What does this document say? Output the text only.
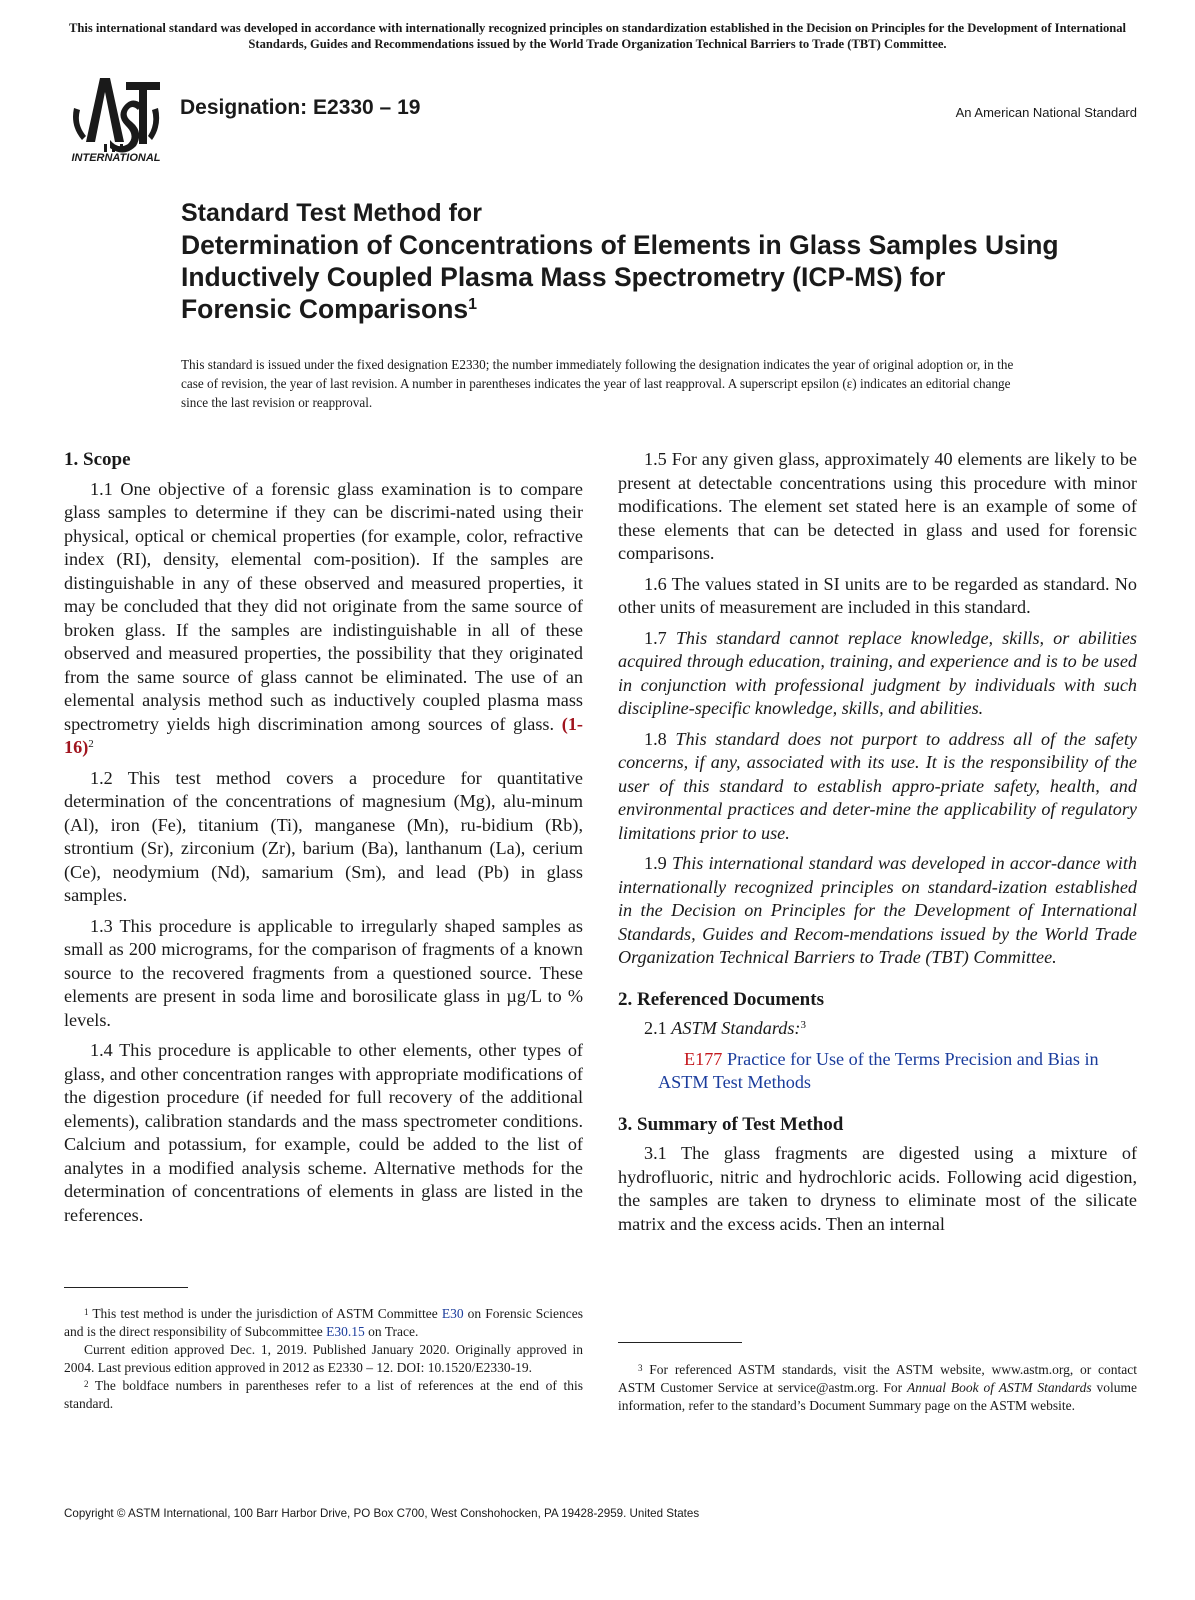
This international standard was developed in accordance with internationally recognized principles on standardization established in the Decision on Principles for the Development of International Standards, Guides and Recommendations issued by the World Trade Organization Technical Barriers to Trade (TBT) Committee.
INTERNATIONAL
Designation: E2330 – 19	An American National Standard
Standard Test Method for
Determination of Concentrations of Elements in Glass Samples Using Inductively Coupled Plasma Mass Spectrometry (ICP-MS) for Forensic Comparisons$^1$
This standard is issued under the fixed designation E2330; the number immediately following the designation indicates the year of original adoption or, in the case of revision, the year of last revision. A number in parentheses indicates the year of last reapproval. A superscript epsilon (ε) indicates an editorial change since the last revision or reapproval.
1. Scope

1.1 One objective of a forensic glass examination is to compare glass samples to determine if they can be discrimi-nated using their physical, optical or chemical properties (for example, color, refractive index (RI), density, elemental com-position). If the samples are distinguishable in any of these observed and measured properties, it may be concluded that they did not originate from the same source of broken glass. If the samples are indistinguishable in all of these observed and measured properties, the possibility that they originated from the same source of glass cannot be eliminated. The use of an elemental analysis method such as inductively coupled plasma mass spectrometry yields high discrimination among sources of glass. $(1-16)^2$

1.2 This test method covers a procedure for quantitative determination of the concentrations of magnesium (Mg), alu-minum (Al), iron (Fe), titanium (Ti), manganese (Mn), ru-bidium (Rb), strontium (Sr), zirconium (Zr), barium (Ba), lanthanum (La), cerium (Ce), neodymium (Nd), samarium (Sm), and lead (Pb) in glass samples.

1.3 This procedure is applicable to irregularly shaped samples as small as 200 micrograms, for the comparison of fragments of a known source to the recovered fragments from a questioned source. These elements are present in soda lime and borosilicate glass in µg/L to % levels.

1.4 This procedure is applicable to other elements, other types of glass, and other concentration ranges with appropriate modifications of the digestion procedure (if needed for full recovery of the additional elements), calibration standards and the mass spectrometer conditions. Calcium and potassium, for example, could be added to the list of analytes in a modified analysis scheme. Alternative methods for the determination of concentrations of elements in glass are listed in the references.

1.5 For any given glass, approximately 40 elements are likely to be present at detectable concentrations using this procedure with minor modifications. The element set stated here is an example of some of these elements that can be detected in glass and used for forensic comparisons.

1.6 The values stated in SI units are to be regarded as standard. No other units of measurement are included in this standard.

1.7 This standard cannot replace knowledge, skills, or abilities acquired through education, training, and experience and is to be used in conjunction with professional judgment by individuals with such discipline-specific knowledge, skills, and abilities.

1.8 This standard does not purport to address all of the safety concerns, if any, associated with its use. It is the responsibility of the user of this standard to establish appro-priate safety, health, and environmental practices and deter-mine the applicability of regulatory limitations prior to use.

1.9 This international standard was developed in accor-dance with internationally recognized principles on standard-ization established in the Decision on Principles for the Development of International Standards, Guides and Recom-mendations issued by the World Trade Organization Technical Barriers to Trade (TBT) Committee.

2. Referenced Documents

2.1 ASTM Standards:$^3$

E177 Practice for Use of the Terms Precision and Bias in ASTM Test Methods

3. Summary of Test Method

3.1 The glass fragments are digested using a mixture of hydrofluoric, nitric and hydrochloric acids. Following acid digestion, the samples are taken to dryness to eliminate most of the silicate matrix and the excess acids. Then an internal

$^1$ This test method is under the jurisdiction of ASTM Committee E30 on Forensic Sciences and is the direct responsibility of Subcommittee E30.15 on Trace.

Current edition approved Dec. 1, 2019. Published January 2020. Originally approved in 2004. Last previous edition approved in 2012 as E2330 – 12. DOI: 10.1520/E2330-19.

$^2$ The boldface numbers in parentheses refer to a list of references at the end of this standard.

$^3$ For referenced ASTM standards, visit the ASTM website, www.astm.org, or contact ASTM Customer Service at service@astm.org. For Annual Book of ASTM Standards volume information, refer to the standard’s Document Summary page on the ASTM website.

Copyright © ASTM International, 100 Barr Harbor Drive, PO Box C700, West Conshohocken, PA 19428-2959. United States
